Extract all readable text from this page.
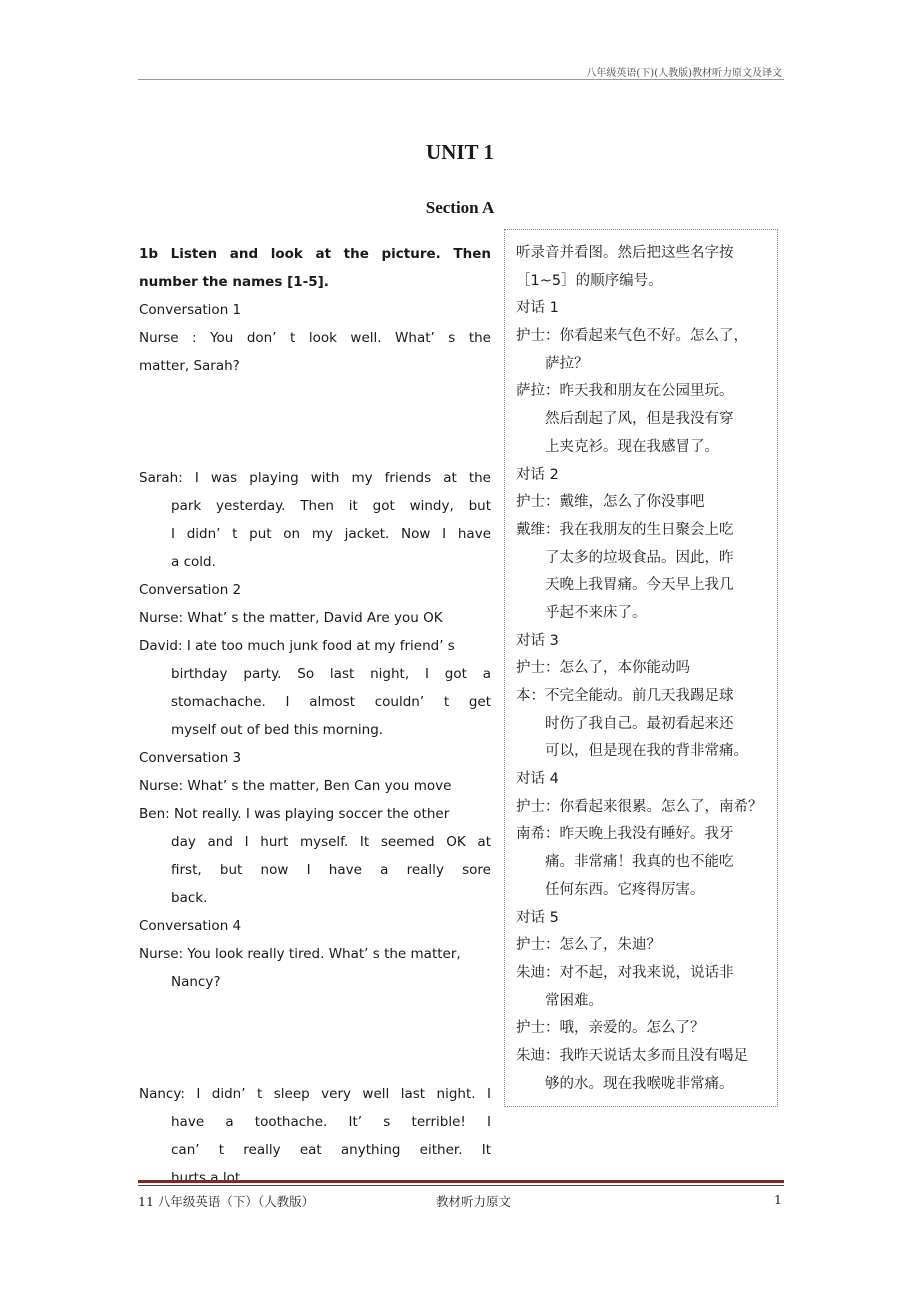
八年级英语(下)(人教版)教材听力原文及译文
UNIT 1
Section A
1b Listen and look at the picture. Then
number the names [1-5].
Conversation 1
Nurse : You don’ t look well. What’ s the
matter, Sarah?
Sarah: I was playing with my friends at the
park yesterday. Then it got windy, but
I didn’ t put on my jacket. Now I have
a cold.
Conversation 2
Nurse: What’ s the matter, David Are you OK
David: I ate too much junk food at my friend’ s
birthday party. So last night, I got a
stomachache. I almost couldn’ t get
myself out of bed this morning.
Conversation 3
Nurse: What’ s the matter, Ben Can you move
Ben: Not really. I was playing soccer the other
day and I hurt myself. It seemed OK at
first, but now I have a really sore
back.
Conversation 4
Nurse: You look really tired. What’ s the matter,
Nancy?
Nancy: I didn’ t sleep very well last night. I
have a toothache. It’ s terrible! I
can’ t really eat anything either. It
hurts a lot.
听录音并看图。然后把这些名字按
［1~5］的顺序编号。
对话 1
护士：你看起来气色不好。怎么了，
萨拉？
萨拉：昨天我和朋友在公园里玩。
然后刮起了风，但是我没有穿
上夹克衫。现在我感冒了。
对话 2
护士：戴维，怎么了你没事吧
戴维：我在我朋友的生日聚会上吃
了太多的垃圾食品。因此，昨
天晚上我胃痛。今天早上我几
乎起不来床了。
对话 3
护士：怎么了，本你能动吗
本：不完全能动。前几天我踢足球
时伤了我自己。最初看起来还
可以，但是现在我的背非常痛。
对话 4
护士：你看起来很累。怎么了，南希？
南希：昨天晚上我没有睡好。我牙
痛。非常痛！我真的也不能吃
任何东西。它疼得厉害。
对话 5
护士：怎么了，朱迪？
朱迪：对不起，对我来说，说话非
常困难。
护士：哦，亲爱的。怎么了？
朱迪：我昨天说话太多而且没有喝足
够的水。现在我喉咙非常痛。
11 八年级英语（下）（人教版）	教材听力原文	1
